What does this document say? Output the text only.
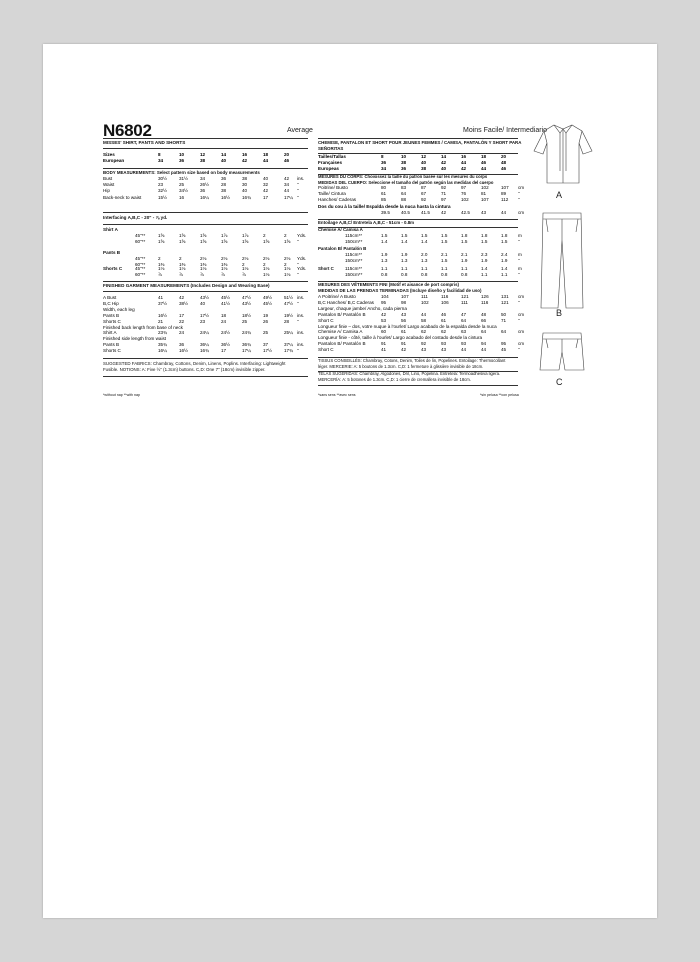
N6802	Average	Moins Facile/ Intermediario
MISSES' SHIRT, PANTS AND SHORTS
Sizes	8	10	12	14	16	18	20
European	34	36	38	40	42	44	46
BODY MEASUREMENTS: Select pattern size based on body measurements
Bust	30½	31½	34	36	38	40	42 ins.
Waist	23	25	26½	28	30	32	34 "
Hip	32½	34½	36	38	40	42	44 "
Back-neck to waist	15½	16	16¼	16½	16¾	17	17¼ "
Interfacing A,B,C - 20" - ⅞ yd.
Shirt A
45"**	1⅝	1⅝	1⅝	1⅞	1⅞	2	2 Yds.
60"**	1⅝	1⅝	1⅝	1⅝	1⅝	1⅝	1⅝ "
Pants B
45"**	2	2	2⅛	2⅛	2⅛	2⅛	2⅛ Yds.
60"**	1⅜	1⅜	1⅜	1⅜	2	2	2 "
Shorts C	45"**	1⅛	1⅛	1⅛	1⅛	1⅛	1⅛	1⅛ Yds.
60"**	⅞	⅞	⅞	⅞	⅞	1⅛	1⅛ "
FINISHED GARMENT MEASUREMENTS (Includes Design and Wearing Ease)
A Bust	41	42	43½	45½	47½	49½	51½ ins.
B,C Hip	37½	38½	40	41½	43½	45½	47½ "
Width, each leg
Pants B	16½	17	17½	18	18½	19	19½ ins.
Shorts C	21	22	23	24	25	26	28 "
Finished back length from base of neck
Shirt A	23¾	24	24¼	24½	24¾	25	25¼ ins.
Finished side length from waist
Pants B	35¾	36	36¼	36½	36¾	37	37¼ ins.
Shorts C	16¼	16½	16¾	17	17¼	17½	17¾ "
SUGGESTED FABRICS: Chambray, Cottons, Denim, Linens, Poplins. Interfacing: Lightweight
Fusible. NOTIONS: A: Five ½" (1.3cm) buttons. C,D: One 7" (18cm) invisible zipper.
*without nap **with nap
CHEMISE, PANTALON ET SHORT POUR JEUNES FEMMES / CAMISA, PANTALÓN Y SHORT PARA
SEÑORITAS
Tailles/Tallas	8	10	12	14	16	18	20
Françaises	36	38	40	42	44	46	48
Europeas	34	36	38	40	42	44	46
MESURES DU CORPS: Choisissez la taille du patron basée sur les mesures du corps
MEDIDAS DEL CUERPO: Seleccione el tamaño del patrón según las medidas del cuerpo
Poitrine/ Busto	80	83	87	92	97	102	107 cm
Taille/ Cintura	61	64	67	71	76	81	89	"
Hanches/ Caderas	85	88	92	97	102	107	112 "
Dos du cou à la taille/ Espalda desde la nuca hasta la cintura
39.5 40.5 41.5 42	42.5 43	44	cm
Entoilage A,B,C/ Entretela A,B,C - 51cm - 0.8m
Chemise A/ Camisa A
115cm**	1.5	1.5	1.5	1.5	1.8	1.8	1.8 m
150cm**	1.4	1.4	1.4	1.5	1.5	1.5	1.5 "
Pantalon B/ Pantalón B
115cm**	1.9	1.9	2.0	2.1	2.1	2.3	2.4 m
150cm**	1.3	1.3	1.3	1.5	1.9	1.9	1.9 "
Short C 115cm**	1.1	1.1	1.1	1.1	1.1	1.4	1.4 m
150cm**	0.8	0.8	0.8	0.8	0.8	1.1	1.1 "
MESURES DES VÊTEMENTS FINI (Motif et aisance de port compris)
MEDIDAS DE LAS PRENDAS TERMINADAS (Incluye diseño y facilidad de uso)
A Poitrine/ A Busto	104	107	111	116	121	126	131 cm
B,C Hanches/ B,C Caderas 95	98	102	106	111	116	121 "
Largeur, chaque jambe/ Ancho, cada pierna
Pantalon B/ Pantalón B	42	43	44	46	47	48	50	cm
Short C	53	56	58	61	64	66	71	"
Longueur finie – dos, votre nuque à l'ourlet/ Largo acabado de la espalda desde la nuca
Chemise A/ Camisa A	60	61	62	62	63	64	64	cm
Longueur finie - côté, taille à l'ourlet/ Largo acabado del costado desde la cintura
Pantalon B/ Pantalón B	91	91	92	93	93	94	95	cm
Short C	41	42	43	43	44	44	45	"
TISSUS CONSEILLÉS: Chambray, Cotons, Denim, Toiles de lin, Popelines. Entoilage: Thermocollant
léger. MERCERIE: A: 5 boutons de 1.3cm. C,D: 1 fermeture à glissière invisible de 18cm.
TELAS SUGERIDAS: Chambray, Algodones, Dril, Lino, Popelina. Entretela: Termoadhesiva ligera.
MERCERÍA: A: 5 botones de 1.3cm. C,D: 1 cierre de cremallera invisible de 18cm.
*sans sens **avec sens	*sin pelusa **con pelusa
A
B
C
